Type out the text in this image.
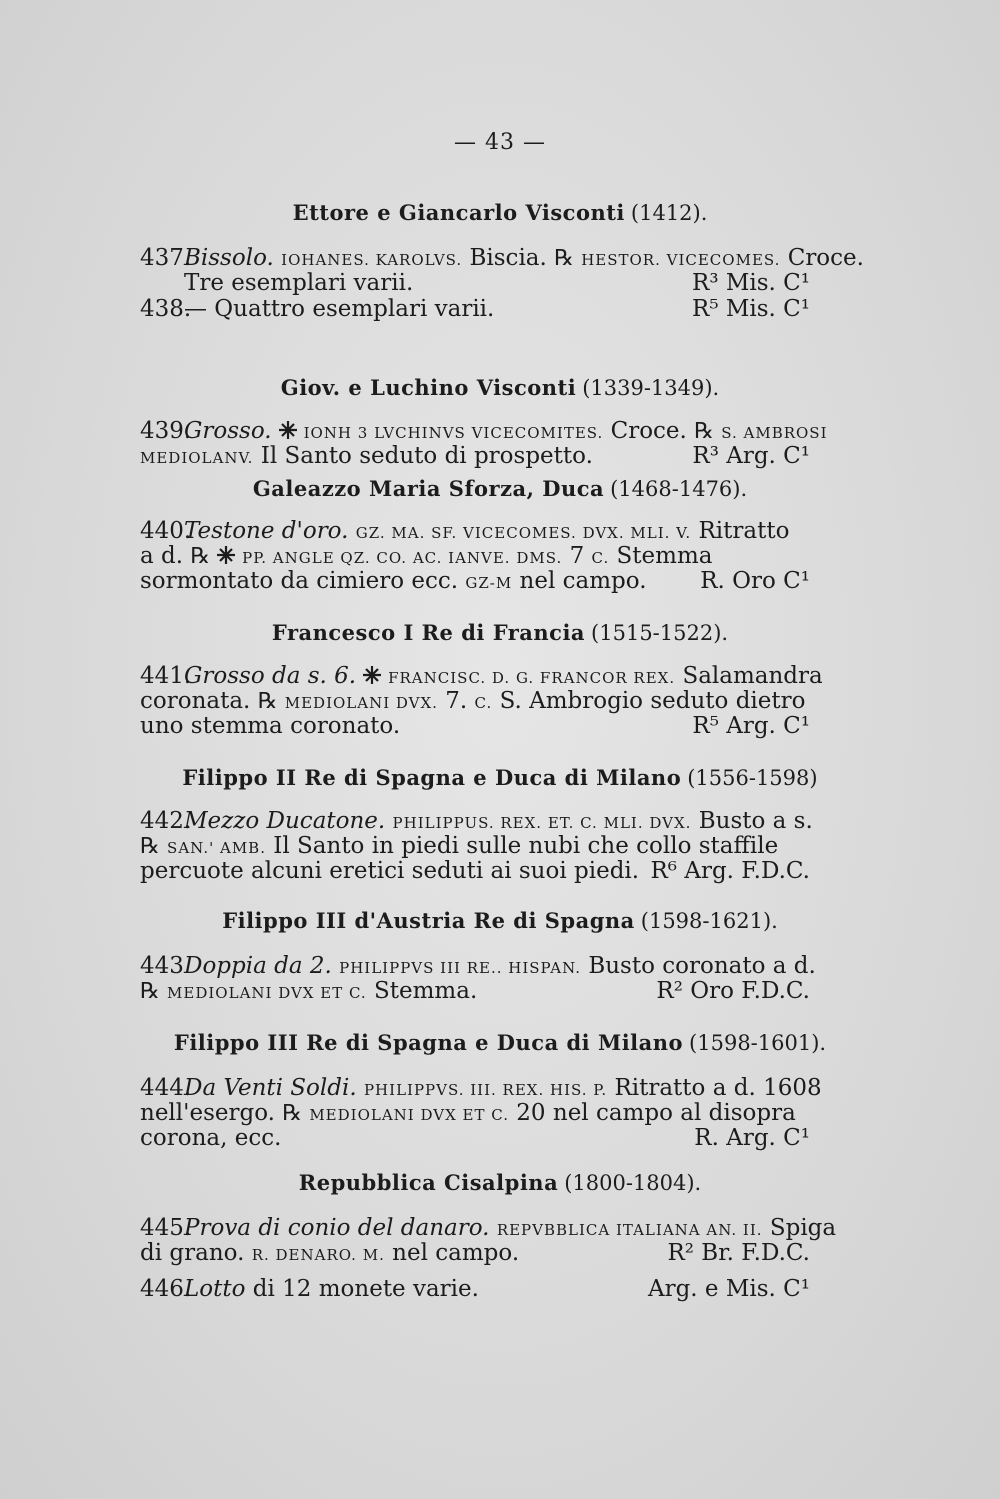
— 43 —
Ettore e Giancarlo Visconti (1412).
437.Bissolo. IOHANES. KAROLVS. Biscia. ℞ HESTOR. VICECOMES. Croce.
Tre esemplari varii.	R³ Mis. C¹
438.— Quattro esemplari varii.	R⁵ Mis. C¹
Giov. e Luchino Visconti (1339-1349).
439.Grosso. IONH 3 LVCHINVS VICECOMITES. Croce. ℞ S. AMBROSI
MEDIOLANV. Il Santo seduto di prospetto.	R³ Arg. C¹
Galeazzo Maria Sforza, Duca (1468-1476).
440.Testone d'oro. GZ. MA. SF. VICECOMES. DVX. MLI. V. Ritratto
a d. ℞ PP. ANGLE QZ. CO. AC. IANVE. DMS. 7 C. Stemma
sormontato da cimiero ecc. GZ-M nel campo. R. Oro C¹
Francesco I Re di Francia (1515-1522).
441.Grosso da s. 6. FRANCISC. D. G. FRANCOR REX. Salamandra
coronata. ℞ MEDIOLANI DVX. 7. C. S. Ambrogio seduto dietro
uno stemma coronato.	R⁵ Arg. C¹
Filippo II Re di Spagna e Duca di Milano (1556-1598)
442.Mezzo Ducatone. PHILIPPUS. REX. ET. C. MLI. DVX. Busto a s.
℞ SAN.' AMB. Il Santo in piedi sulle nubi che collo staffile
percuote alcuni eretici seduti ai suoi piedi. R⁶ Arg. F.D.C.
Filippo III d'Austria Re di Spagna (1598-1621).
443Doppia da 2. PHILIPPVS III RE.. HISPAN. Busto coronato a d.
℞ MEDIOLANI DVX ET C. Stemma.	R² Oro F.D.C.
Filippo III Re di Spagna e Duca di Milano (1598-1601).
444.Da Venti Soldi. PHILIPPVS. III. REX. HIS. P. Ritratto a d. 1608
nell'esergo. ℞ MEDIOLANI DVX ET C. 20 nel campo al disopra
corona, ecc.	R. Arg. C¹
Repubblica Cisalpina (1800-1804).
445.Prova di conio del danaro. REPVBBLICA ITALIANA AN. II. Spiga
di grano. R. DENARO. M. nel campo.	R² Br. F.D.C.
446.Lotto di 12 monete varie.	Arg. e Mis. C¹
